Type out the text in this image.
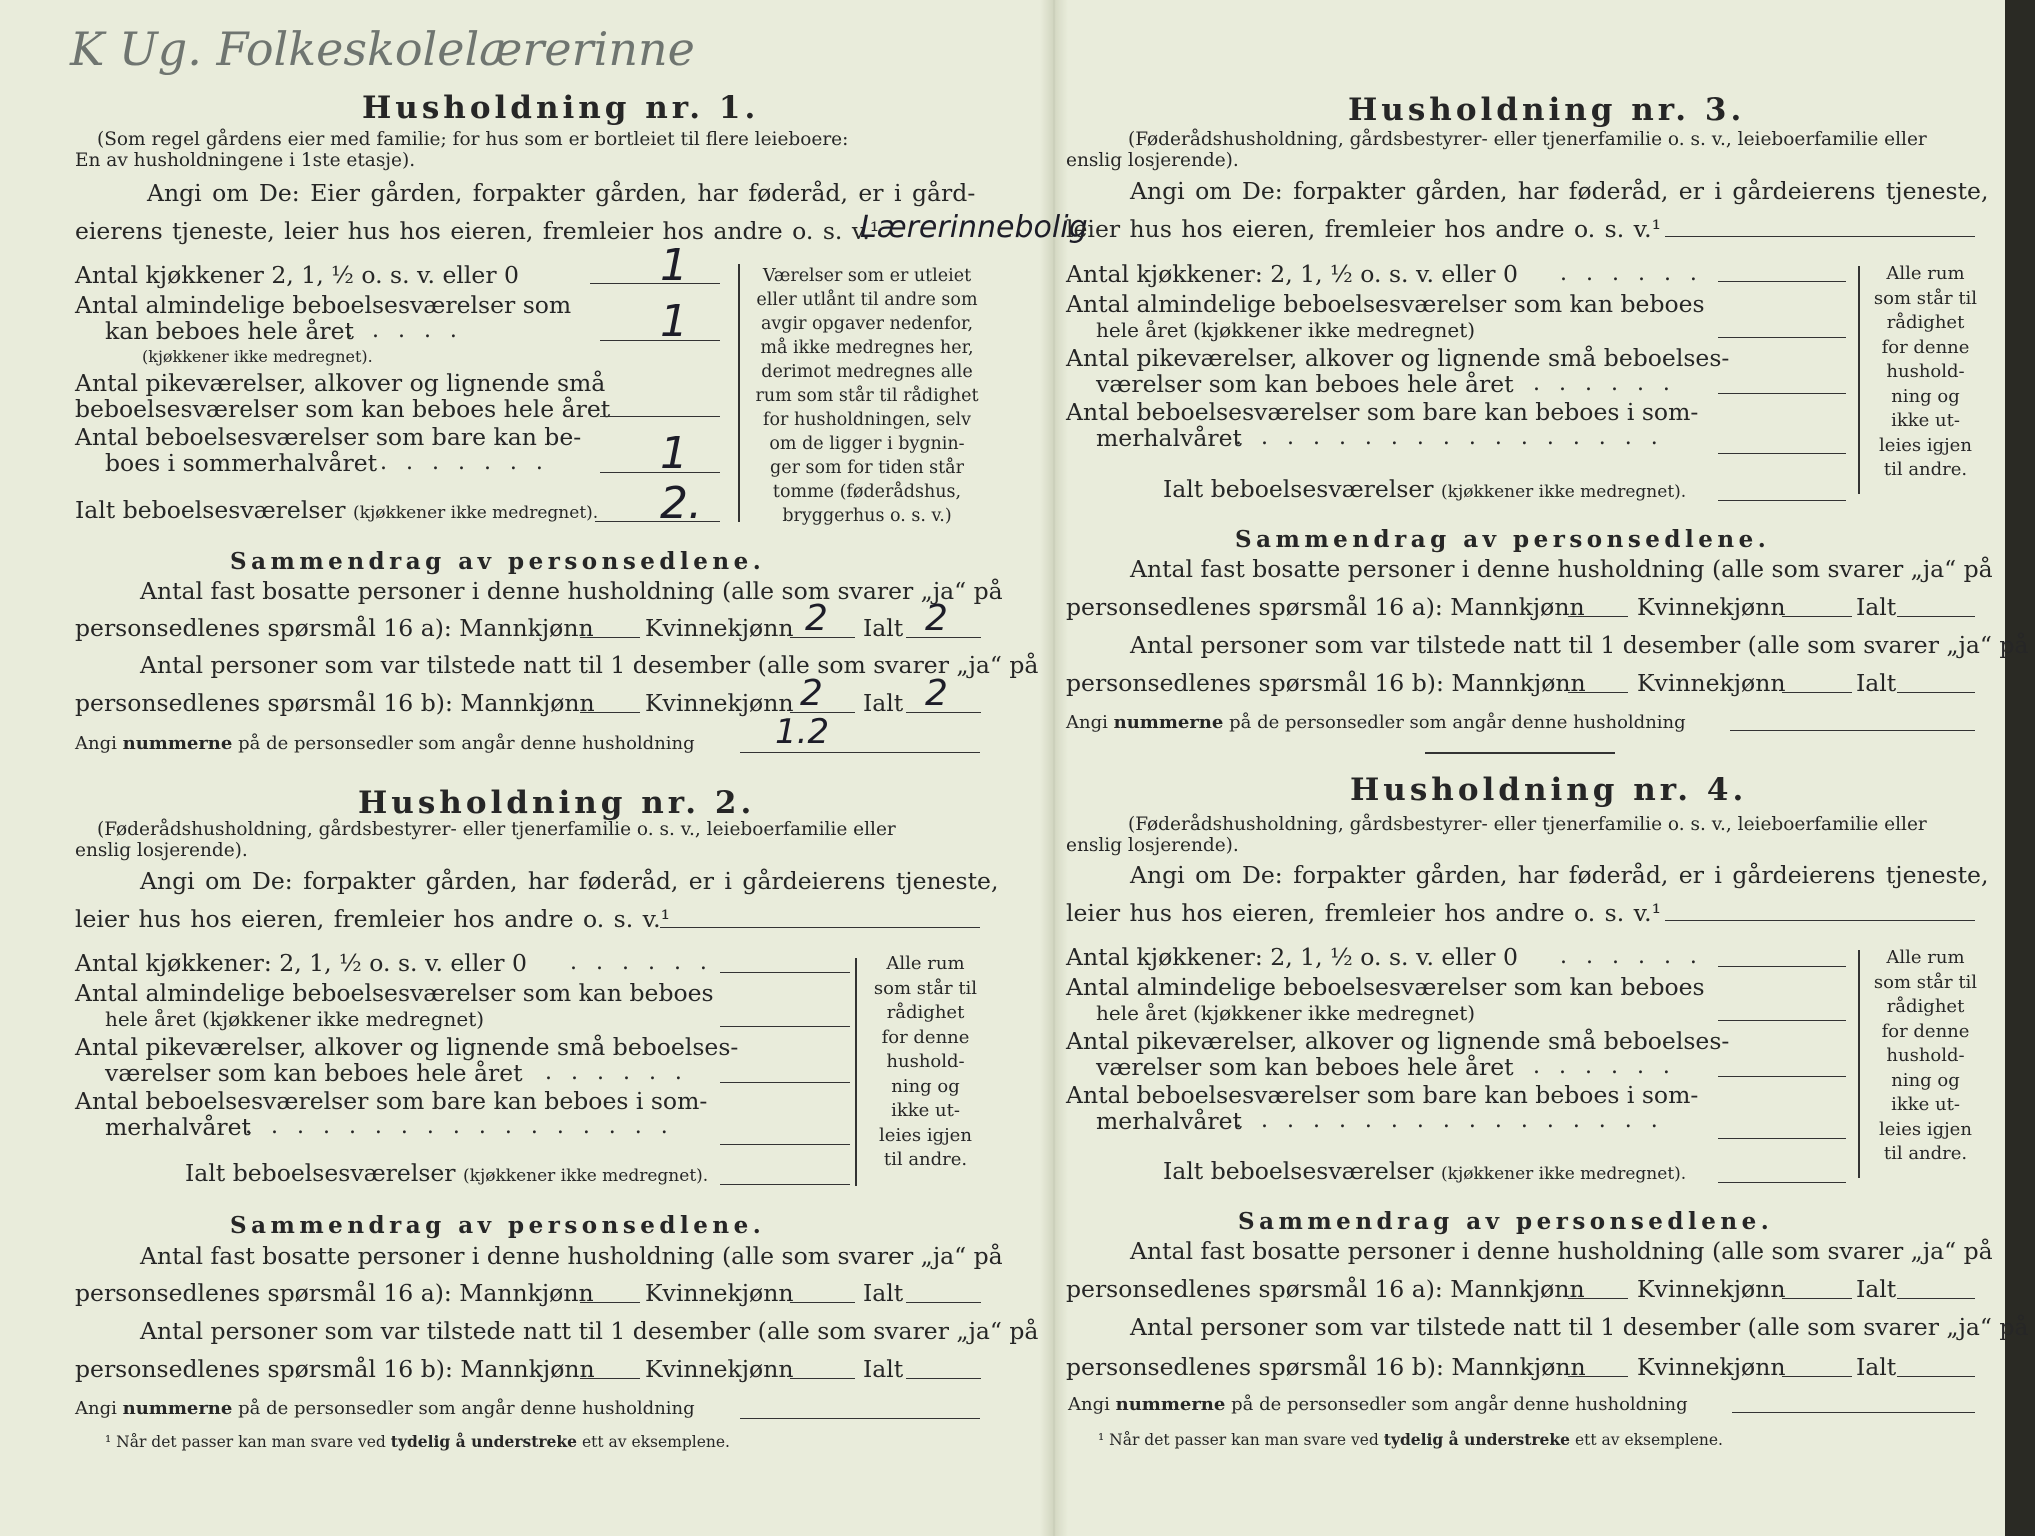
K Ug. Folkeskolelærerinne
Husholdning nr. 1.
(Som regel gårdens eier med familie; for hus som er bortleiet til flere leieboere:
En av husholdningene i 1ste etasje).
Angi om De: Eier gården, forpakter gården, har føderåd, er i gård-
eierens tjeneste, leier hus hos eieren, fremleier hos andre o. s. v.¹
Lærerinnebolig
Antal kjøkkener 2, 1, ½ o. s. v. eller 0	1
Antal almindelige beboelsesværelser som
kan beboes hele året
. . . . . .	1
(kjøkkener ikke medregnet).
Antal pikeværelser, alkover og lignende små
beboelsesværelser som kan beboes hele året
Antal beboelsesværelser som bare kan be-
boes i sommerhalvåret . . . . . . .	1
Ialt beboelsesværelser (kjøkkener ikke medregnet). 2.
Værelser som er utleiet
eller utlånt til andre som
avgir opgaver nedenfor,
må ikke medregnes her,
derimot medregnes alle
rum som står til rådighet
for husholdningen, selv
om de ligger i bygnin-
ger som for tiden står
tomme (føderådshus,
bryggerhus o. s. v.)
Sammendrag av personsedlene.
Antal fast bosatte personer i denne husholdning (alle som svarer „ja“ på
personsedlenes spørsmål 16 a): Mannkjønn Kvinnekjønn 2 Ialt 2
Antal personer som var tilstede natt til 1 desember (alle som svarer „ja“ på
personsedlenes spørsmål 16 b): Mannkjønn Kvinnekjønn 2 Ialt 2
Angi nummerne på de personsedler som angår denne husholdning 1.2
Husholdning nr. 2.
(Føderådshusholdning, gårdsbestyrer- eller tjenerfamilie o. s. v., leieboerfamilie eller
enslig losjerende).
Angi om De: forpakter gården, har føderåd, er i gårdeierens tjeneste,
leier hus hos eieren, fremleier hos andre o. s. v.¹
Antal kjøkkener: 2, 1, ½ o. s. v. eller 0 . . . . . .
Antal almindelige beboelsesværelser som kan beboes
hele året (kjøkkener ikke medregnet)
Antal pikeværelser, alkover og lignende små beboelses-
værelser som kan beboes hele året . . . . . .
Antal beboelsesværelser som bare kan beboes i som-
merhalvåret
. . . . . . . . . . . . . . . . .
Ialt beboelsesværelser (kjøkkener ikke medregnet).
Alle rum
som står til
rådighet
for denne
hushold-
ning og
ikke ut-
leies igjen
til andre.
Sammendrag av personsedlene.
Antal fast bosatte personer i denne husholdning (alle som svarer „ja“ på
personsedlenes spørsmål 16 a): Mannkjønn Kvinnekjønn	Ialt
Antal personer som var tilstede natt til 1 desember (alle som svarer „ja“ på
personsedlenes spørsmål 16 b): Mannkjønn Kvinnekjønn	Ialt
Angi nummerne på de personsedler som angår denne husholdning
¹ Når det passer kan man svare ved tydelig å understreke ett av eksemplene.
Husholdning nr. 3.
(Føderådshusholdning, gårdsbestyrer- eller tjenerfamilie o. s. v., leieboerfamilie eller
enslig losjerende).
Angi om De: forpakter gården, har føderåd, er i gårdeierens tjeneste,
leier hus hos eieren, fremleier hos andre o. s. v.¹
Antal kjøkkener: 2, 1, ½ o. s. v. eller 0 . . . . . .
Antal almindelige beboelsesværelser som kan beboes
hele året (kjøkkener ikke medregnet)
Antal pikeværelser, alkover og lignende små beboelses-
værelser som kan beboes hele året . . . . . .
Antal beboelsesværelser som bare kan beboes i som-
merhalvåret
. . . . . . . . . . . . . . . . .
Ialt beboelsesværelser (kjøkkener ikke medregnet).
Alle rum
som står til
rådighet
for denne
hushold-
ning og
ikke ut-
leies igjen
til andre.
Sammendrag av personsedlene.
Antal fast bosatte personer i denne husholdning (alle som svarer „ja“ på
personsedlenes spørsmål 16 a): Mannkjønn Kvinnekjønn	Ialt
Antal personer som var tilstede natt til 1 desember (alle som svarer „ja“ på
personsedlenes spørsmål 16 b): Mannkjønn Kvinnekjønn	Ialt
Angi nummerne på de personsedler som angår denne husholdning
Husholdning nr. 4.
(Føderådshusholdning, gårdsbestyrer- eller tjenerfamilie o. s. v., leieboerfamilie eller
enslig losjerende).
Angi om De: forpakter gården, har føderåd, er i gårdeierens tjeneste,
leier hus hos eieren, fremleier hos andre o. s. v.¹
Antal kjøkkener: 2, 1, ½ o. s. v. eller 0 . . . . . .
Antal almindelige beboelsesværelser som kan beboes
hele året (kjøkkener ikke medregnet)
Antal pikeværelser, alkover og lignende små beboelses-
værelser som kan beboes hele året . . . . . .
Antal beboelsesværelser som bare kan beboes i som-
merhalvåret
. . . . . . . . . . . . . . . . .
Ialt beboelsesværelser (kjøkkener ikke medregnet).
Alle rum
som står til
rådighet
for denne
hushold-
ning og
ikke ut-
leies igjen
til andre.
Sammendrag av personsedlene.
Antal fast bosatte personer i denne husholdning (alle som svarer „ja“ på
personsedlenes spørsmål 16 a): Mannkjønn Kvinnekjønn	Ialt
Antal personer som var tilstede natt til 1 desember (alle som svarer „ja“ på
personsedlenes spørsmål 16 b): Mannkjønn Kvinnekjønn	Ialt
Angi nummerne på de personsedler som angår denne husholdning
¹ Når det passer kan man svare ved tydelig å understreke ett av eksemplene.
